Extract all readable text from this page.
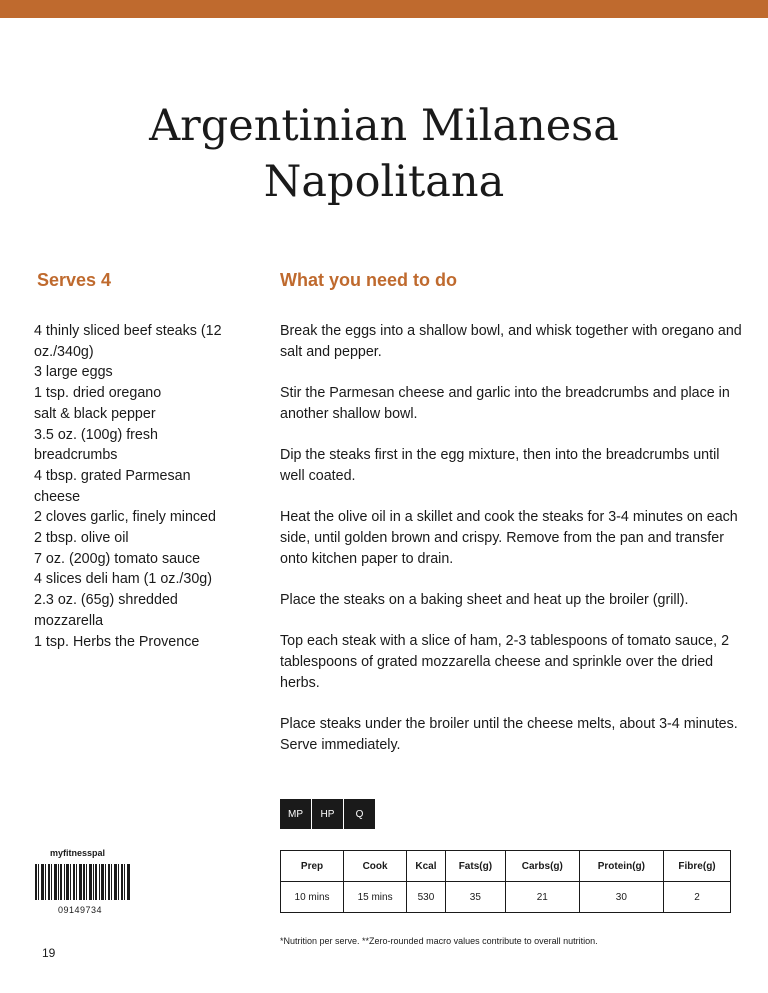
Argentinian Milanesa
Napolitana
Serves 4	What you need to do
4 thinly sliced beef steaks (12
oz./340g)
3 large eggs
1 tsp. dried oregano
salt & black pepper
3.5 oz. (100g) fresh
breadcrumbs
4 tbsp. grated Parmesan
cheese
2 cloves garlic, finely minced
2 tbsp. olive oil
7 oz. (200g) tomato sauce
4 slices deli ham (1 oz./30g)
2.3 oz. (65g) shredded
mozzarella
1 tsp. Herbs the Provence
Break the eggs into a shallow bowl, and whisk together with oregano and salt and pepper.
Stir the Parmesan cheese and garlic into the breadcrumbs and place in another shallow bowl.
Dip the steaks first in the egg mixture, then into the breadcrumbs until well coated.
Heat the olive oil in a skillet and cook the steaks for 3-4 minutes on each side, until golden brown and crispy. Remove from the pan and transfer onto kitchen paper to drain.
Place the steaks on a baking sheet and heat up the broiler (grill).
Top each steak with a slice of ham, 2-3 tablespoons of tomato sauce, 2 tablespoons of grated mozzarella cheese and sprinkle over the dried herbs.
Place steaks under the broiler until the cheese melts, about 3-4 minutes. Serve immediately.
MP	HP	Q
myfitnesspal
09149734
Prep	Cook	Kcal	Fats(g)	Carbs(g)	Protein(g)	Fibre(g)
10 mins	15 mins	530	35	21	30	2
*Nutrition per serve. **Zero-rounded macro values contribute to overall nutrition.
19
